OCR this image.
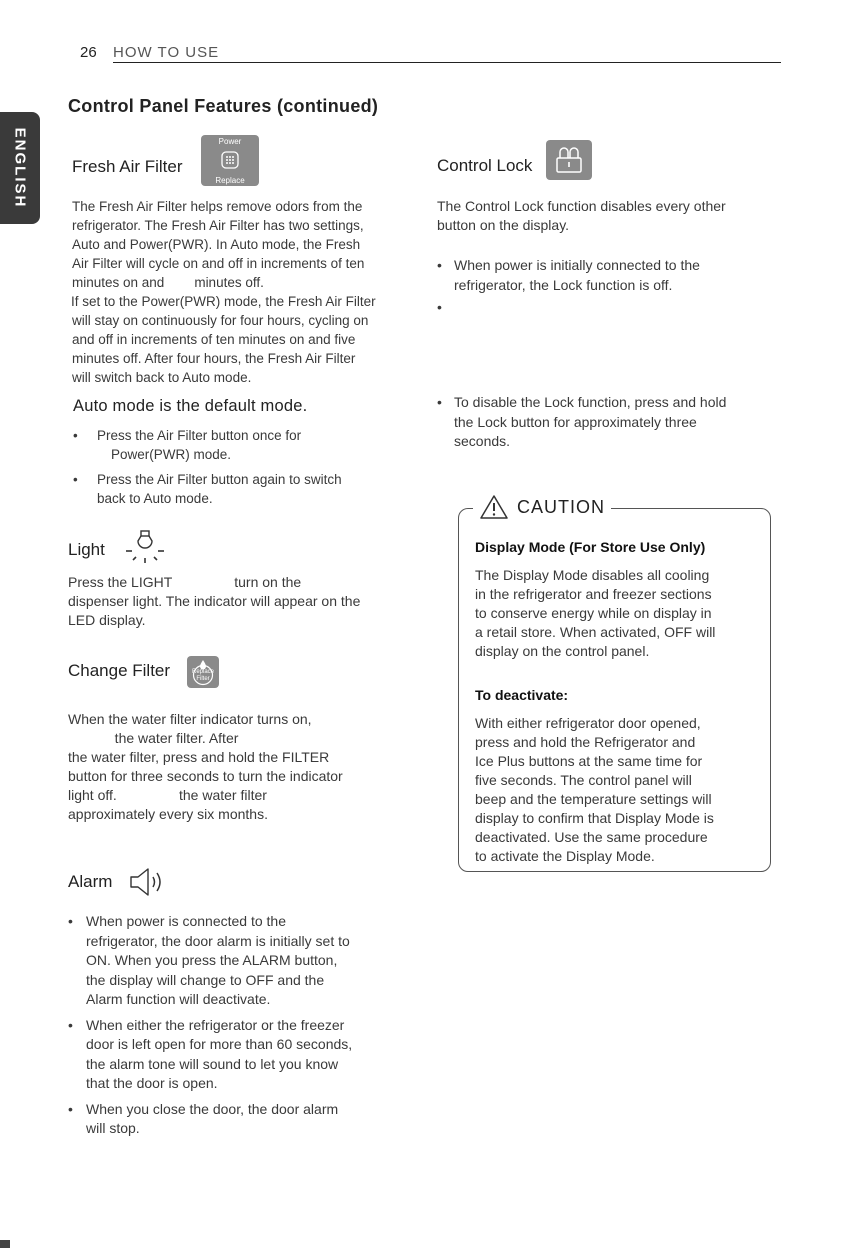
26 HOW TO USE
ENGLISH
Control Panel Features (continued)
Fresh Air Filter
Power
Replace
The Fresh Air Filter helps remove odors from the
refrigerator. The Fresh Air Filter has two settings,
Auto and Power(PWR). In Auto mode, the Fresh
Air Filter will cycle on and off in increments of ten
minutes on and        minutes off.
If set to the Power(PWR) mode, the Fresh Air Filter
will stay on continuously for four hours, cycling on
and off in increments of ten minutes on and five
minutes off. After four hours, the Fresh Air Filter
will switch back to Auto mode.
Auto mode is the default mode.
• Press the Air Filter button once for
Power(PWR) mode.
• Press the Air Filter button again to switch
back to Auto mode.
Light
Press the LIGHT                turn on the
dispenser light. The indicator will appear on the
LED display.
Change Filter	Replace
Filter
When the water filter indicator turns on,
the water filter. After
the water filter, press and hold the FILTER
button for three seconds to turn the indicator
light off.                the water filter
approximately every six months.
Alarm
• When power is connected to the
refrigerator, the door alarm is initially set to
ON. When you press the ALARM button,
the display will change to OFF and the
Alarm function will deactivate.
• When either the refrigerator or the freezer
door is left open for more than 60 seconds,
the alarm tone will sound to let you know
that the door is open.
• When you close the door, the door alarm
will stop.
Control Lock
The Control Lock function disables every other
button on the display.
• When power is initially connected to the
refrigerator, the Lock function is off.
•
• To disable the Lock function, press and hold
the Lock button for approximately three
seconds.
CAUTION
Display Mode (For Store Use Only)
The Display Mode disables all cooling
in the refrigerator and freezer sections
to conserve energy while on display in
a retail store. When activated, OFF will
display on the control panel.
To deactivate:
With either refrigerator door opened,
press and hold the Refrigerator and
Ice Plus buttons at the same time for
five seconds. The control panel will
beep and the temperature settings will
display to confirm that Display Mode is
deactivated. Use the same procedure
to activate the Display Mode.
